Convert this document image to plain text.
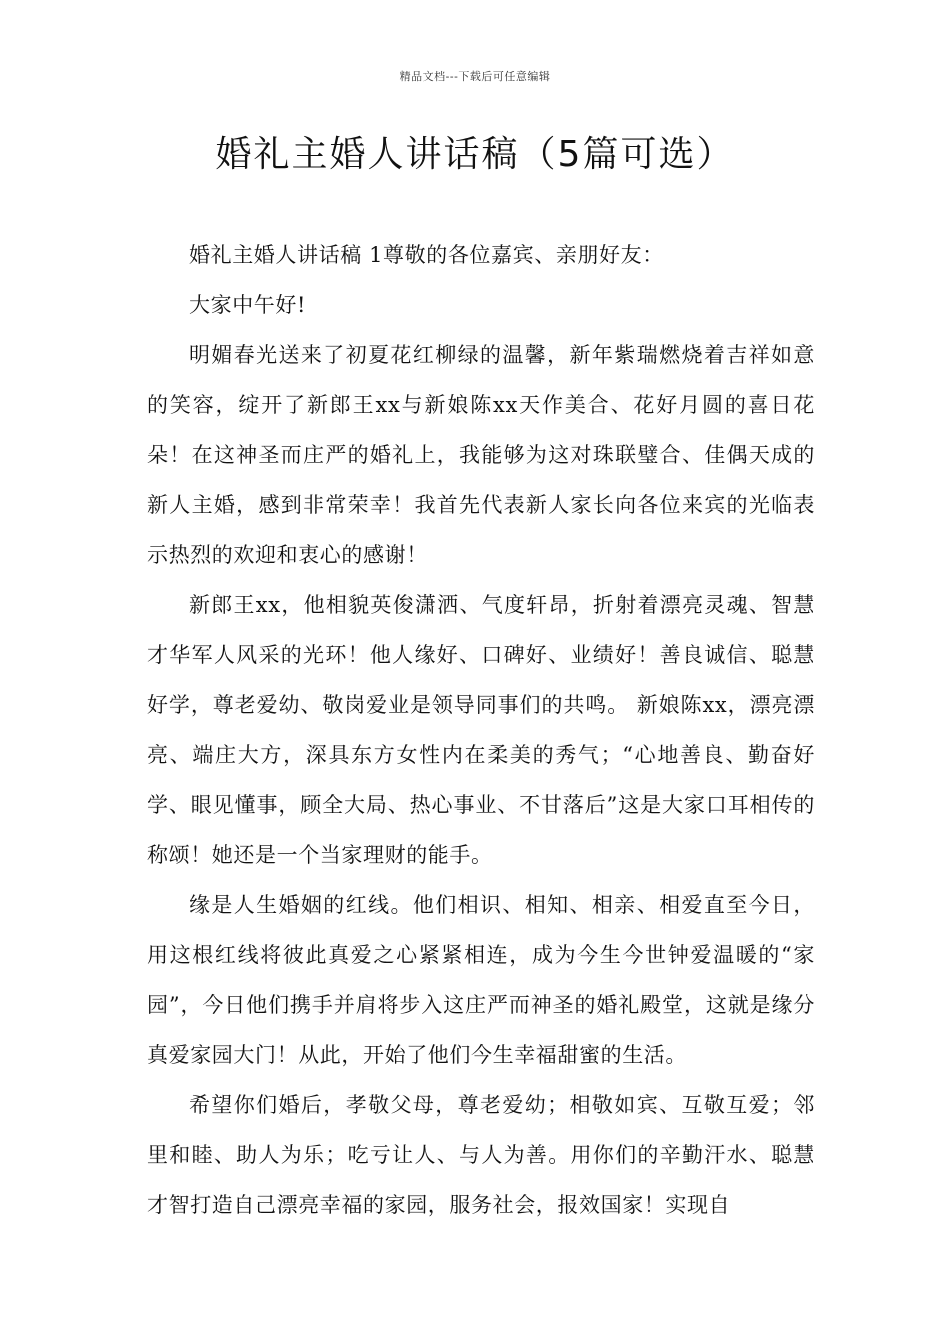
精品文档---下载后可任意编辑
婚礼主婚人讲话稿（5篇可选）

婚礼主婚人讲话稿 1尊敬的各位嘉宾、亲朋好友：

大家中午好!

明媚春光送来了初夏花红柳绿的温馨，新年紫瑞燃烧着吉祥如意的笑容，绽开了新郎王xx与新娘陈xx天作美合、花好月圆的喜日花朵！在这神圣而庄严的婚礼上，我能够为这对珠联璧合、佳偶天成的新人主婚，感到非常荣幸！我首先代表新人家长向各位来宾的光临表示热烈的欢迎和衷心的感谢！

新郎王xx，他相貌英俊潇洒、气度轩昂，折射着漂亮灵魂、智慧才华军人风采的光环！他人缘好、口碑好、业绩好！善良诚信、聪慧好学，尊老爱幼、敬岗爱业是领导同事们的共鸣。 新娘陈xx，漂亮漂亮、端庄大方，深具东方女性内在柔美的秀气；“心地善良、勤奋好学、眼见懂事，顾全大局、热心事业、不甘落后”这是大家口耳相传的称颂！她还是一个当家理财的能手。

缘是人生婚姻的红线。他们相识、相知、相亲、相爱直至今日，用这根红线将彼此真爱之心紧紧相连，成为今生今世钟爱温暖的“家园”，今日他们携手并肩将步入这庄严而神圣的婚礼殿堂，这就是缘分真爱家园大门！从此，开始了他们今生幸福甜蜜的生活。

希望你们婚后，孝敬父母，尊老爱幼；相敬如宾、互敬互爱；邻里和睦、助人为乐；吃亏让人、与人为善。用你们的辛勤汗水、聪慧才智打造自己漂亮幸福的家园，服务社会，报效国家！实现自
